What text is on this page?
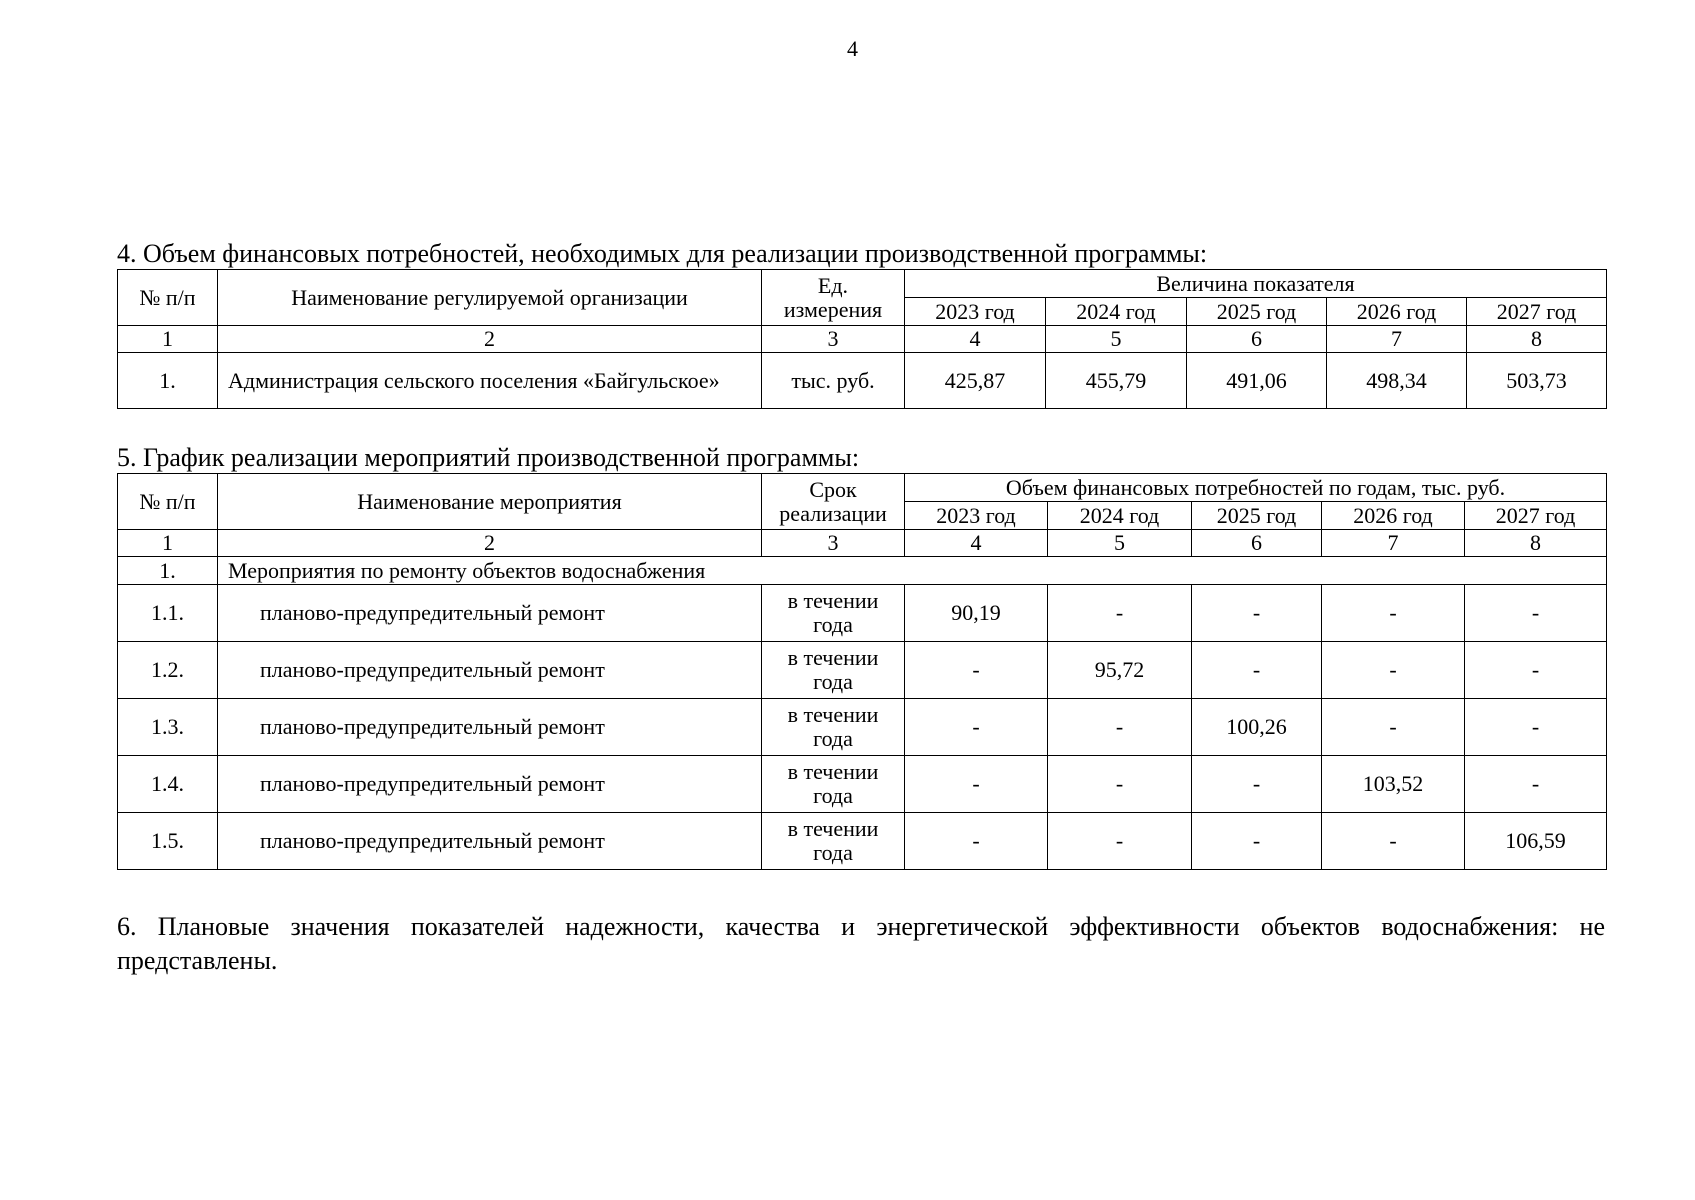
4
4. Объем финансовых потребностей, необходимых для реализации производственной программы:
№ п/п	Наименование регулируемой организации	Ед. измерения	Величина показателя				
			2023 год	2024 год	2025 год	2026 год	2027 год
1	2	3	4	5	6	7	8
1.	Администрация сельского поселения «Байгульское»	тыс. руб.	425,87	455,79	491,06	498,34	503,73
5. График реализации мероприятий производственной программы:
№ п/п	Наименование мероприятия	Срок реализации	Объем финансовых потребностей по годам, тыс. руб.				
			2023 год	2024 год	2025 год	2026 год	2027 год
1	2	3	4	5	6	7	8
1.	Мероприятия по ремонту объектов водоснабжения						
1.1.	планово-предупредительный ремонт	в течении года	90,19	-	-	-	-
1.2.	планово-предупредительный ремонт	в течении года	-	95,72	-	-	-
1.3.	планово-предупредительный ремонт	в течении года	-	-	100,26	-	-
1.4.	планово-предупредительный ремонт	в течении года	-	-	-	103,52	-
1.5.	планово-предупредительный ремонт	в течении года	-	-	-	-	106,59
6. Плановые значения показателей надежности, качества и энергетической эффективности объектов водоснабжения: не представлены.
